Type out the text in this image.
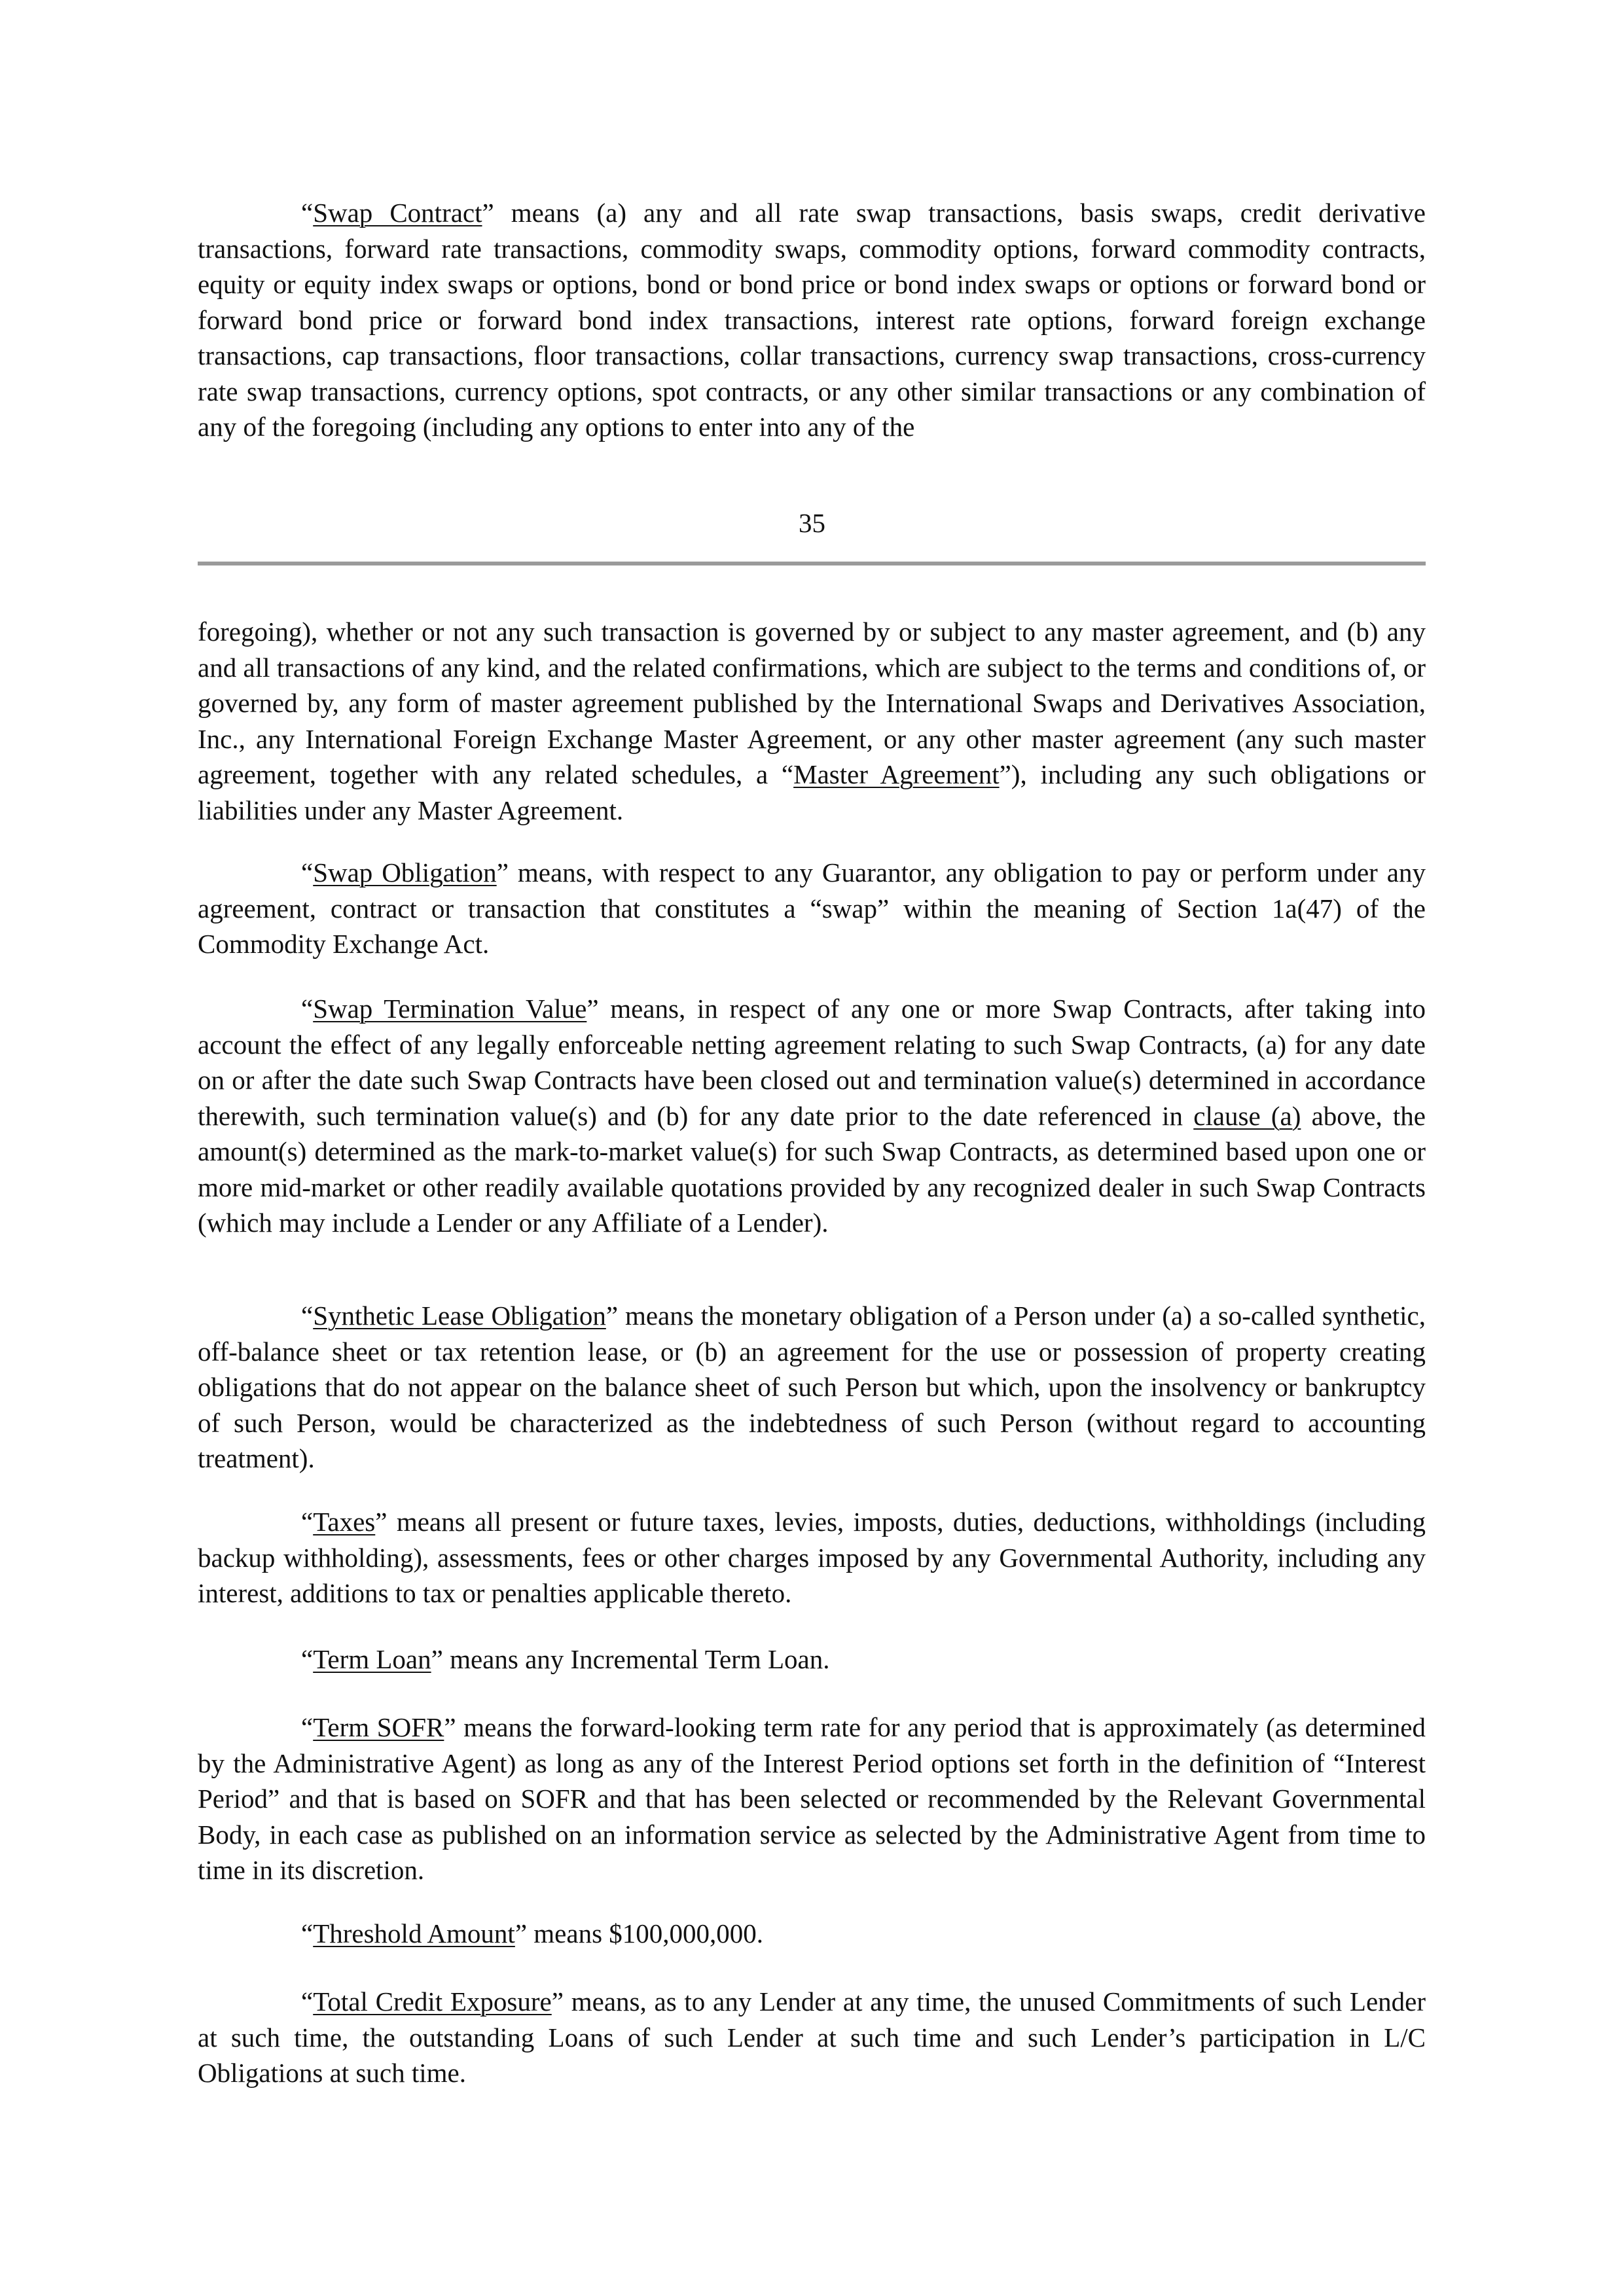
“Swap Contract” means (a) any and all rate swap transactions, basis swaps, credit derivative transactions, forward rate transactions, commodity swaps, commodity options, forward commodity contracts, equity or equity index swaps or options, bond or bond price or bond index swaps or options or forward bond or forward bond price or forward bond index transactions, interest rate options, forward foreign exchange transactions, cap transactions, floor transactions, collar transactions, currency swap transactions, cross-currency rate swap transactions, currency options, spot contracts, or any other similar transactions or any combination of any of the foregoing (including any options to enter into any of the

35

foregoing), whether or not any such transaction is governed by or subject to any master agreement, and (b) any and all transactions of any kind, and the related confirmations, which are subject to the terms and conditions of, or governed by, any form of master agreement published by the International Swaps and Derivatives Association, Inc., any International Foreign Exchange Master Agreement, or any other master agreement (any such master agreement, together with any related schedules, a “Master Agreement”), including any such obligations or liabilities under any Master Agreement.

“Swap Obligation” means, with respect to any Guarantor, any obligation to pay or perform under any agreement, contract or transaction that constitutes a “swap” within the meaning of Section 1a(47) of the Commodity Exchange Act.

“Swap Termination Value” means, in respect of any one or more Swap Contracts, after taking into account the effect of any legally enforceable netting agreement relating to such Swap Contracts, (a) for any date on or after the date such Swap Contracts have been closed out and termination value(s) determined in accordance therewith, such termination value(s) and (b) for any date prior to the date referenced in clause (a) above, the amount(s) determined as the mark-to-market value(s) for such Swap Contracts, as determined based upon one or more mid-market or other readily available quotations provided by any recognized dealer in such Swap Contracts (which may include a Lender or any Affiliate of a Lender).

“Synthetic Lease Obligation” means the monetary obligation of a Person under (a) a so-called synthetic, off-balance sheet or tax retention lease, or (b) an agreement for the use or possession of property creating obligations that do not appear on the balance sheet of such Person but which, upon the insolvency or bankruptcy of such Person, would be characterized as the indebtedness of such Person (without regard to accounting treatment).

“Taxes” means all present or future taxes, levies, imposts, duties, deductions, withholdings (including backup withholding), assessments, fees or other charges imposed by any Governmental Authority, including any interest, additions to tax or penalties applicable thereto.

“Term Loan” means any Incremental Term Loan.

“Term SOFR” means the forward-looking term rate for any period that is approximately (as determined by the Administrative Agent) as long as any of the Interest Period options set forth in the definition of “Interest Period” and that is based on SOFR and that has been selected or recommended by the Relevant Governmental Body, in each case as published on an information service as selected by the Administrative Agent from time to time in its discretion.

“Threshold Amount” means $100,000,000.

“Total Credit Exposure” means, as to any Lender at any time, the unused Commitments of such Lender at such time, the outstanding Loans of such Lender at such time and such Lender’s participation in L/C Obligations at such time.
